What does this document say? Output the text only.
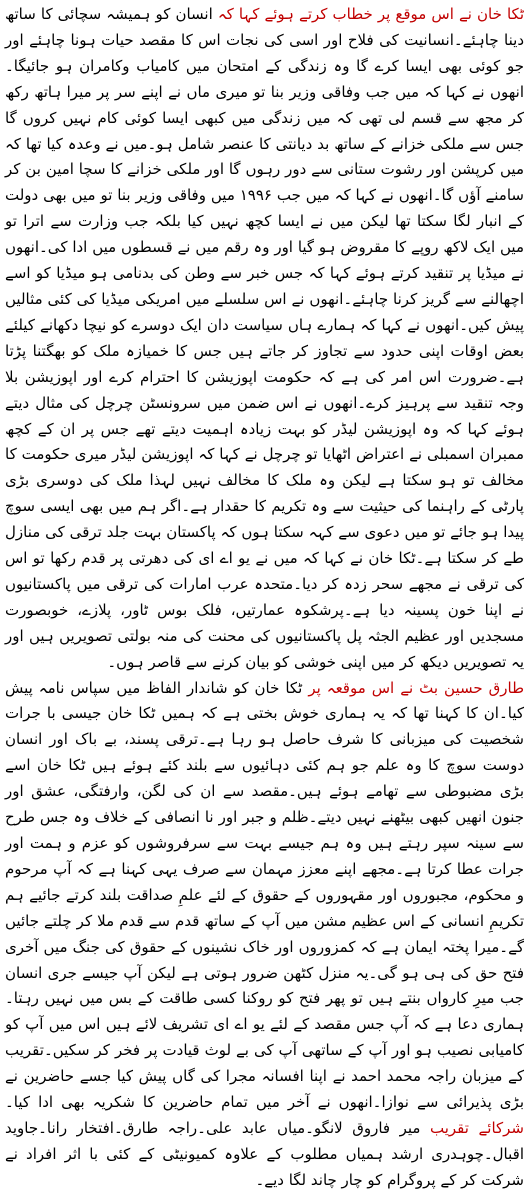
ٹکا خان نے اس موقع پر خطاب کرتے ہوئے کہا کہ انسان کو ہمیشہ سچائی کا ساتھ دینا چاہئے۔انسانیت کی فلاح اور اسی کی نجات اس کا مقصد حیات ہونا چاہئے اور جو کوئی بھی ایسا کرے گا وہ زندگی کے امتحان میں کامیاب وکامران ہو جائیگا۔انھوں نے کہا کہ میں جب وفاقی وزیر بنا تو میری ماں نے اپنے سر پر میرا ہاتھ رکھ کر مجھ سے قسم لی تھی کہ میں زندگی میں کبھی ایسا کوئی کام نہیں کروں گا جس سے ملکی خزانے کے ساتھ بد دیانتی کا عنصر شامل ہو۔میں نے وعدہ کیا تھا کہ میں کرپشن اور رشوت ستانی سے دور رہوں گا اور ملکی خزانے کا سچا امین بن کر سامنے آؤں گا۔انھوں نے کہا کہ میں جب ۱۹۹۶ میں وفاقی وزیر بنا تو میں بھی دولت کے انبار لگا سکتا تھا لیکن میں نے ایسا کچھ نہیں کیا بلکہ جب وزارت سے اترا تو میں ایک لاکھ روپے کا مقروض ہو گیا اور وہ رقم میں نے قسطوں میں ادا کی۔انھوں نے میڈیا پر تنقید کرتے ہوئے کہا کہ جس خبر سے وطن کی بدنامی ہو میڈیا کو اسے اچھالنے سے گریز کرنا چاہئے۔انھوں نے اس سلسلے میں امریکی میڈیا کی کئی مثالیں پیش کیں۔انھوں نے کہا کہ ہمارے ہاں سیاست دان ایک دوسرے کو نیچا دکھانے کیلئے بعض اوقات اپنی حدود سے تجاوز کر جاتے ہیں جس کا خمیازہ ملک کو بھگتنا پڑتا ہے۔ضرورت اس امر کی ہے کہ حکومت اپوزیشن کا احترام کرے اور اپوزیشن بلا وجہ تنقید سے پرہیز کرے۔انھوں نے اس ضمن میں سرونسٹن چرچل کی مثال دیتے ہوئے کہا کہ وہ اپوزیشن لیڈر کو بہت زیادہ اہمیت دیتے تھے جس پر ان کے کچھ ممبران اسمبلی نے اعتراض اٹھایا تو چرچل نے کہا کہ اپوزیشن لیڈر میری حکومت کا مخالف تو ہو سکتا ہے لیکن وہ ملک کا مخالف نہیں لہذا ملک کی دوسری بڑی پارٹی کے راہنما کی حیثیت سے وہ تکریم کا حقدار ہے۔اگر ہم میں بھی ایسی سوچ پیدا ہو جائے تو میں دعوی سے کہہ سکتا ہوں کہ پاکستان بہت جلد ترقی کی منازل طے کر سکتا ہے۔ٹکا خان نے کہا کہ میں نے یو اے ای کی دھرتی پر قدم رکھا تو اس کی ترقی نے مجھے سحر زدہ کر دیا۔متحدہ عرب امارات کی ترقی میں پاکستانیوں نے اپنا خون پسینہ دیا ہے۔پرشکوہ عمارتیں، فلک بوس ٹاور، پلازے، خوبصورت مسجدیں اور عظیم الجثہ پل پاکستانیوں کی محنت کی منہ بولتی تصویریں ہیں اور یہ تصویریں دیکھ کر میں اپنی خوشی کو بیان کرنے سے قاصر ہوں۔

طارق حسین بٹ نے اس موقعہ پر ٹکا خان کو شاندار الفاظ میں سپاس نامہ پیش کیا۔ان کا کہنا تھا کہ یہ ہماری خوش بختی ہے کہ ہمیں ٹکا خان جیسی با جرات شخصیت کی میزبانی کا شرف حاصل ہو رہا ہے۔ترقی پسند، بے باک اور انسان دوست سوچ کا وہ علم جو ہم کئی دہائیوں سے بلند کئے ہوئے ہیں ٹکا خان اسے بڑی مضبوطی سے تھامے ہوئے ہیں۔مقصد سے ان کی لگن، وارفتگی، عشق اور جنون انھیں کبھی بیٹھنے نہیں دیتے۔ظلم و جبر اور نا انصافی کے خلاف وہ جس طرح سے سینہ سپر رہتے ہیں وہ ہم جیسے بہت سے سرفروشوں کو عزم و ہمت اور جرات عطا کرتا ہے۔مجھے اپنے معزز مہمان سے صرف یہی کہنا ہے کہ آپ مرحوم و محکوم، مجبوروں اور مقہوروں کے حقوق کے لئے علمِ صداقت بلند کرتے جائیے ہم تکریمِ انسانی کے اس عظیم مشن میں آپ کے ساتھ قدم سے قدم ملا کر چلتے جائیں گے۔میرا پختہ ایمان ہے کہ کمزوروں اور خاک نشینوں کے حقوق کی جنگ میں آخری فتح حق کی ہی ہو گی۔یہ منزل کٹھن ضرور ہوتی ہے لیکن آپ جیسے جری انسان جب میرِ کارواں بنتے ہیں تو پھر فتح کو روکنا کسی طاقت کے بس میں نہیں رہتا۔ہماری دعا ہے کہ آپ جس مقصد کے لئے یو اے ای تشریف لائے ہیں اس میں آپ کو کامیابی نصیب ہو اور آپ کے ساتھی آپ کی بے لوث قیادت پر فخر کر سکیں۔تقریب کے میزبان راجہ محمد احمد نے اپنا افسانہ مجرا کی گاں پیش کیا جسے حاضرین نے بڑی پذیرائی سے نوازا۔انھوں نے آخر میں تمام حاضرین کا شکریہ بھی ادا کیا۔شرکائے تقریب میر فاروق لانگو۔میاں عابد علی۔راجہ طارق۔افتخار رانا۔جاوید اقبال۔چوہدری ارشد ہمیاں مطلوب کے علاوہ کمیونیٹی کے کئی با اثر افراد نے شرکت کر کے پروگرام کو چار چاند لگا دیے۔
